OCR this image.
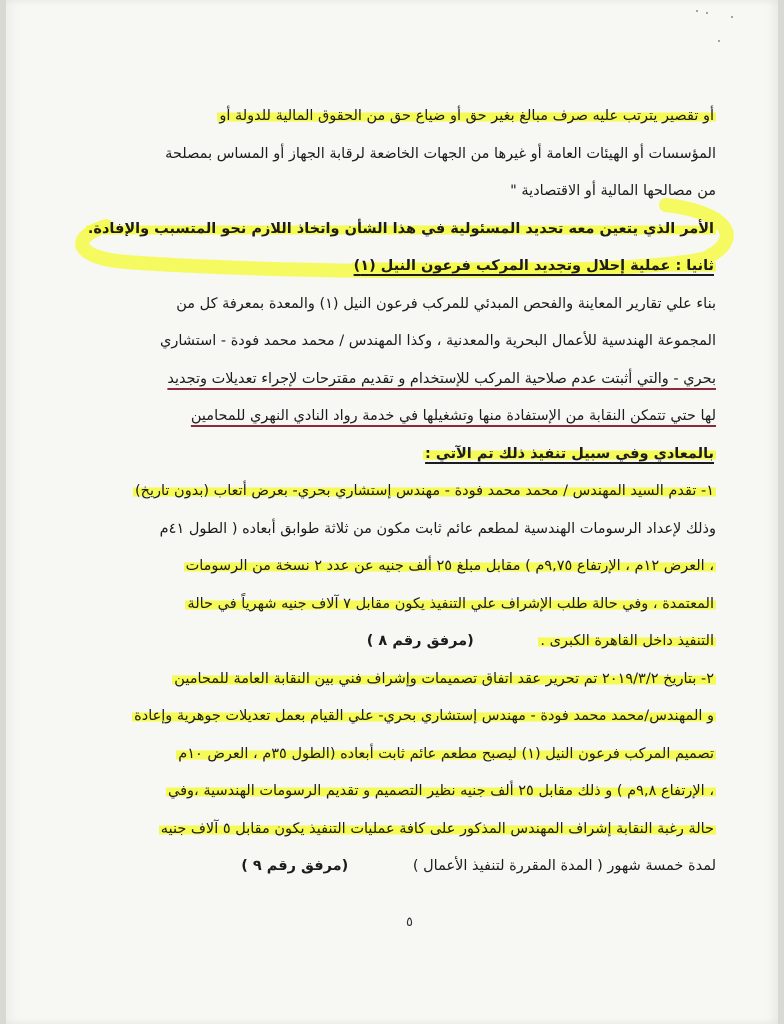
أو تقصير يترتب عليه صرف مبالغ بغير حق أو ضياع حق من الحقوق المالية للدولة أو
المؤسسات أو الهيئات العامة أو غيرها من الجهات الخاضعة لرقابة الجهاز أو المساس بمصلحة
من مصالحها المالية أو الاقتصادية "
الأمر الذي يتعين معه تحديد المسئولية في هذا الشأن واتخاذ اللازم نحو المتسبب والإفادة.
ثانيا : عملية إحلال وتجديد المركب فرعون النيل (١)
بناء علي تقارير المعاينة والفحص المبدئي للمركب فرعون النيل (١) والمعدة بمعرفة كل من
المجموعة الهندسية للأعمال البحرية والمعدنية ، وكذا المهندس / محمد محمد فودة - استشاري
بحري - والتي أثبتت عدم صلاحية المركب للإستخدام و تقديم مقترحات لإجراء تعديلات وتجديد
لها حتي تتمكن النقابة من الإستفادة منها وتشغيلها في خدمة رواد النادي النهري للمحامين
بالمعادي وفي سبيل تنفيذ ذلك تم الآتي :
١- تقدم السيد المهندس / محمد محمد فودة - مهندس إستشاري بحري- بعرض أتعاب (بدون تاريخ)
وذلك لإعداد الرسومات الهندسية لمطعم عائم ثابت مكون من ثلاثة طوابق أبعاده ( الطول ٤١م
، العرض ١٢م ، الإرتفاع ٩,٧٥م ) مقابل مبلغ ٢٥ ألف جنيه عن عدد ٢ نسخة من الرسومات
المعتمدة ، وفي حالة طلب الإشراف علي التنفيذ يكون مقابل ٧ آلاف جنيه شهرياً في حالة
التنفيذ داخل القاهرة الكبرى . (مرفق رقم ٨ )
٢- بتاريخ ٢٠١٩/٣/٢ تم تحرير عقد اتفاق تصميمات وإشراف فني بين النقابة العامة للمحامين
و المهندس/محمد محمد فودة - مهندس إستشاري بحري- علي القيام بعمل تعديلات جوهرية وإعادة
تصميم المركب فرعون النيل (١) ليصبح مطعم عائم ثابت أبعاده (الطول ٣٥م ، العرض ١٠م
، الإرتفاع ٩,٨م ) و ذلك مقابل ٢٥ ألف جنيه نظير التصميم و تقديم الرسومات الهندسية ،وفي
حالة رغبة النقابة إشراف المهندس المذكور على كافة عمليات التنفيذ يكون مقابل ٥ آلاف جنيه
لمدة خمسة شهور ( المدة المقررة لتنفيذ الأعمال ) (مرفق رقم ٩ )
٥
